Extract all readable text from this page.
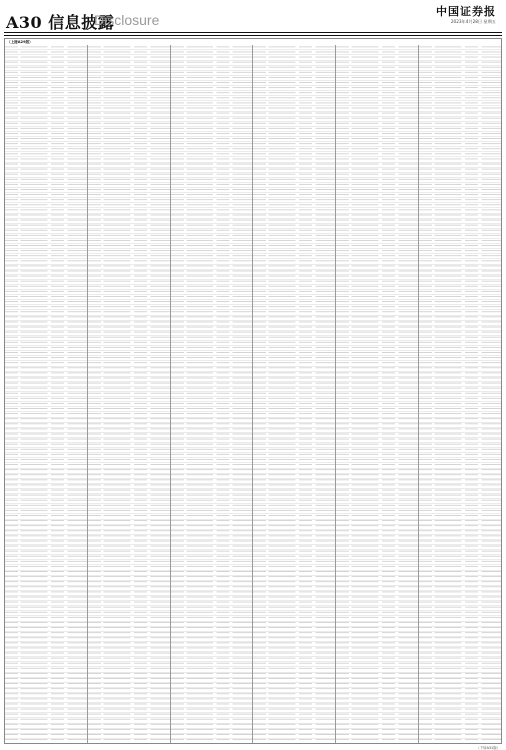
A30 信息披露
Disclosure
中国证券报
2023年4月28日 星期五
（上接A29版）
（下转A31版）
